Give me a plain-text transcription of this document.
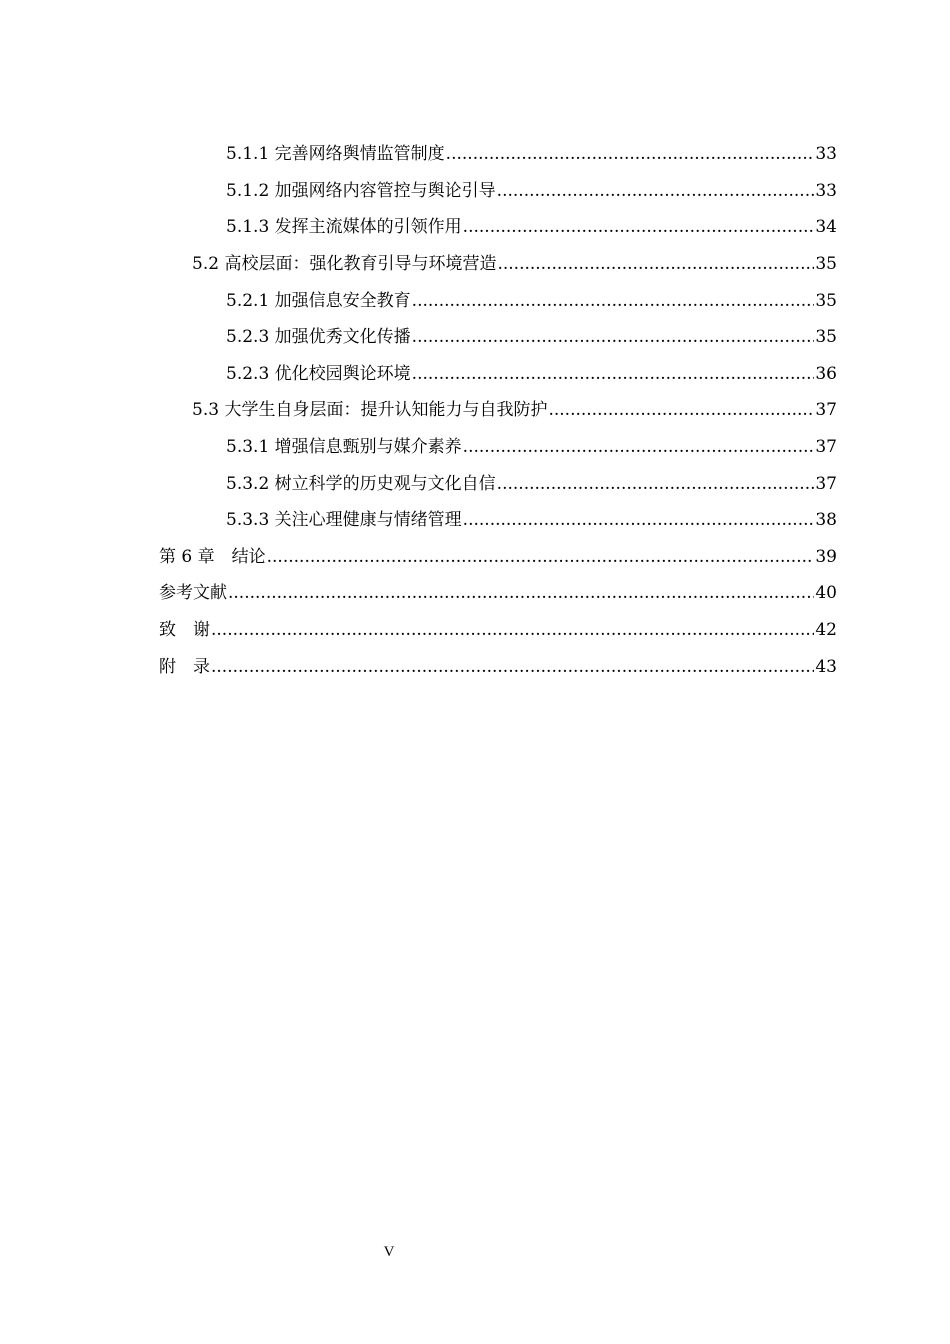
5.1.1 完善网络舆情监管制度 .....	33
5.1.2 加强网络内容管控与舆论引导 .....	33
5.1.3 发挥主流媒体的引领作用 .....	34
5.2 高校层面：强化教育引导与环境营造 .....	35
5.2.1 加强信息安全教育 .....	35
5.2.3 加强优秀文化传播 .....	35
5.2.3 优化校园舆论环境 .....	36
5.3 大学生自身层面：提升认知能力与自我防护 .....	37
5.3.1 增强信息甄别与媒介素养 .....	37
5.3.2 树立科学的历史观与文化自信 .....	37
5.3.3 关注心理健康与情绪管理 .....	38
第 6 章　结论 .....	39
参考文献 .....	40
致　谢 .....	42
附　录 .....	43
V
